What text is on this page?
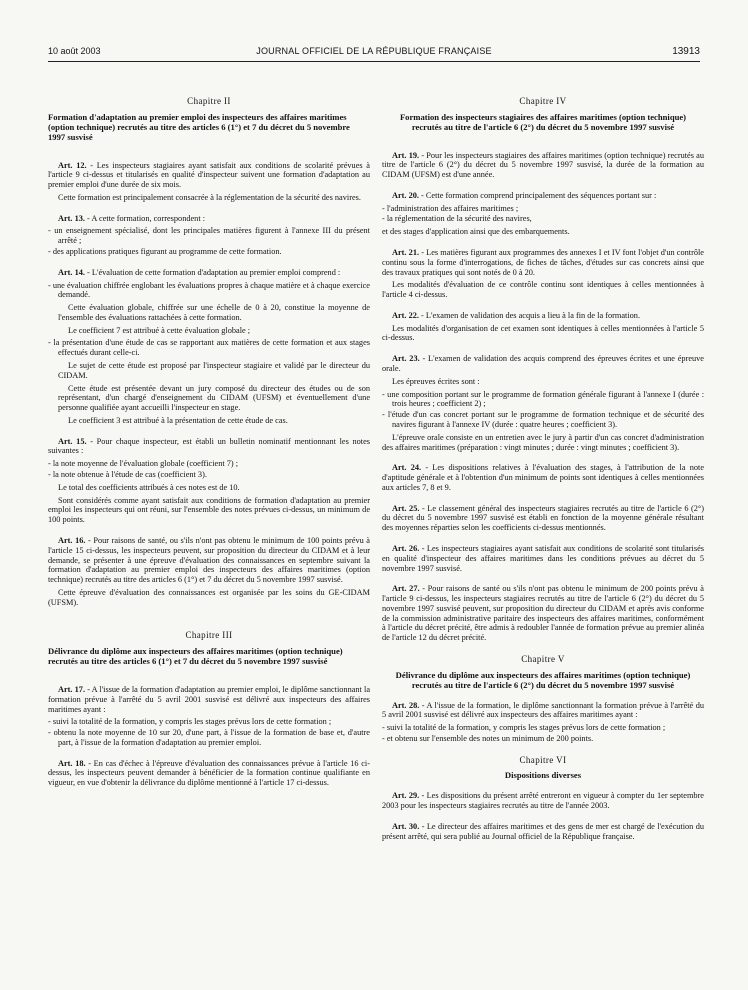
10 août 2003	JOURNAL OFFICIEL DE LA RÉPUBLIQUE FRANÇAISE	13913
Chapitre II
Formation d'adaptation au premier emploi des inspecteurs des affaires maritimes (option technique) recrutés au titre des articles 6 (1°) et 7 du décret du 5 novembre 1997 susvisé

Art. 12. - Les inspecteurs stagiaires ayant satisfait aux conditions de scolarité prévues à l'article 9 ci-dessus et titularisés en qualité d'inspecteur suivent une formation d'adaptation au premier emploi d'une durée de six mois.

Cette formation est principalement consacrée à la réglementation de la sécurité des navires.

Art. 13. - A cette formation, correspondent :

- un enseignement spécialisé, dont les principales matières figurent à l'annexe III du présent arrêté ;
- des applications pratiques figurant au programme de cette formation.

Art. 14. - L'évaluation de cette formation d'adaptation au premier emploi comprend :

- une évaluation chiffrée englobant les évaluations propres à chaque matière et à chaque exercice demandé.

Cette évaluation globale, chiffrée sur une échelle de 0 à 20, constitue la moyenne de l'ensemble des évaluations rattachées à cette formation.

Le coefficient 7 est attribué à cette évaluation globale ;

- la présentation d'une étude de cas se rapportant aux matières de cette formation et aux stages effectués durant celle-ci.

Le sujet de cette étude est proposé par l'inspecteur stagiaire et validé par le directeur du CIDAM.

Cette étude est présentée devant un jury composé du directeur des études ou de son représentant, d'un chargé d'enseignement du CIDAM (UFSM) et éventuellement d'une personne qualifiée ayant accueilli l'inspecteur en stage.

Le coefficient 3 est attribué à la présentation de cette étude de cas.

Art. 15. - Pour chaque inspecteur, est établi un bulletin nominatif mentionnant les notes suivantes :

- la note moyenne de l'évaluation globale (coefficient 7) ;
- la note obtenue à l'étude de cas (coefficient 3).

Le total des coefficients attribués à ces notes est de 10.

Sont considérés comme ayant satisfait aux conditions de formation d'adaptation au premier emploi les inspecteurs qui ont réuni, sur l'ensemble des notes prévues ci-dessus, un minimum de 100 points.

Art. 16. - Pour raisons de santé, ou s'ils n'ont pas obtenu le minimum de 100 points prévu à l'article 15 ci-dessus, les inspecteurs peuvent, sur proposition du directeur du CIDAM et à leur demande, se présenter à une épreuve d'évaluation des connaissances en septembre suivant la formation d'adaptation au premier emploi des inspecteurs des affaires maritimes (option technique) recrutés au titre des articles 6 (1°) et 7 du décret du 5 novembre 1997 susvisé.

Cette épreuve d'évaluation des connaissances est organisée par les soins du GE-CIDAM (UFSM).

Chapitre III
Délivrance du diplôme aux inspecteurs des affaires maritimes (option technique) recrutés au titre des articles 6 (1°) et 7 du décret du 5 novembre 1997 susvisé

Art. 17. - A l'issue de la formation d'adaptation au premier emploi, le diplôme sanctionnant la formation prévue à l'arrêté du 5 avril 2001 susvisé est délivré aux inspecteurs des affaires maritimes ayant :

- suivi la totalité de la formation, y compris les stages prévus lors de cette formation ;
- obtenu la note moyenne de 10 sur 20, d'une part, à l'issue de la formation de base et, d'autre part, à l'issue de la formation d'adaptation au premier emploi.

Art. 18. - En cas d'échec à l'épreuve d'évaluation des connaissances prévue à l'article 16 ci-dessus, les inspecteurs peuvent demander à bénéficier de la formation continue qualifiante en vigueur, en vue d'obtenir la délivrance du diplôme mentionné à l'article 17 ci-dessus.

Chapitre IV
Formation des inspecteurs stagiaires des affaires maritimes (option technique) recrutés au titre de l'article 6 (2°) du décret du 5 novembre 1997 susvisé

Art. 19. - Pour les inspecteurs stagiaires des affaires maritimes (option technique) recrutés au titre de l'article 6 (2°) du décret du 5 novembre 1997 susvisé, la durée de la formation au CIDAM (UFSM) est d'une année.

Art. 20. - Cette formation comprend principalement des séquences portant sur :

- l'administration des affaires maritimes ;
- la réglementation de la sécurité des navires,

et des stages d'application ainsi que des embarquements.

Art. 21. - Les matières figurant aux programmes des annexes I et IV font l'objet d'un contrôle continu sous la forme d'interrogations, de fiches de tâches, d'études sur cas concrets ainsi que des travaux pratiques qui sont notés de 0 à 20.

Les modalités d'évaluation de ce contrôle continu sont identiques à celles mentionnées à l'article 4 ci-dessus.

Art. 22. - L'examen de validation des acquis a lieu à la fin de la formation.

Les modalités d'organisation de cet examen sont identiques à celles mentionnées à l'article 5 ci-dessus.

Art. 23. - L'examen de validation des acquis comprend des épreuves écrites et une épreuve orale.

Les épreuves écrites sont :

- une composition portant sur le programme de formation générale figurant à l'annexe I (durée : trois heures ; coefficient 2) ;
- l'étude d'un cas concret portant sur le programme de formation technique et de sécurité des navires figurant à l'annexe IV (durée : quatre heures ; coefficient 3).

L'épreuve orale consiste en un entretien avec le jury à partir d'un cas concret d'administration des affaires maritimes (préparation : vingt minutes ; durée : vingt minutes ; coefficient 3).

Art. 24. - Les dispositions relatives à l'évaluation des stages, à l'attribution de la note d'aptitude générale et à l'obtention d'un minimum de points sont identiques à celles mentionnées aux articles 7, 8 et 9.

Art. 25. - Le classement général des inspecteurs stagiaires recrutés au titre de l'article 6 (2°) du décret du 5 novembre 1997 susvisé est établi en fonction de la moyenne générale résultant des moyennes réparties selon les coefficients ci-dessus mentionnés.

Art. 26. - Les inspecteurs stagiaires ayant satisfait aux conditions de scolarité sont titularisés en qualité d'inspecteur des affaires maritimes dans les conditions prévues au décret du 5 novembre 1997 susvisé.

Art. 27. - Pour raisons de santé ou s'ils n'ont pas obtenu le minimum de 200 points prévu à l'article 9 ci-dessus, les inspecteurs stagiaires recrutés au titre de l'article 6 (2°) du décret du 5 novembre 1997 susvisé peuvent, sur proposition du directeur du CIDAM et après avis conforme de la commission administrative paritaire des inspecteurs des affaires maritimes, conformément à l'article du décret précité, être admis à redoubler l'année de formation prévue au premier alinéa de l'article 12 du décret précité.

Chapitre V
Délivrance du diplôme aux inspecteurs des affaires maritimes (option technique) recrutés au titre de l'article 6 (2°) du décret du 5 novembre 1997 susvisé

Art. 28. - A l'issue de la formation, le diplôme sanctionnant la formation prévue à l'arrêté du 5 avril 2001 susvisé est délivré aux inspecteurs des affaires maritimes ayant :

- suivi la totalité de la formation, y compris les stages prévus lors de cette formation ;
- et obtenu sur l'ensemble des notes un minimum de 200 points.
Chapitre VI
Dispositions diverses

Art. 29. - Les dispositions du présent arrêté entreront en vigueur à compter du 1er septembre 2003 pour les inspecteurs stagiaires recrutés au titre de l'année 2003.

Art. 30. - Le directeur des affaires maritimes et des gens de mer est chargé de l'exécution du présent arrêté, qui sera publié au Journal officiel de la République française.
